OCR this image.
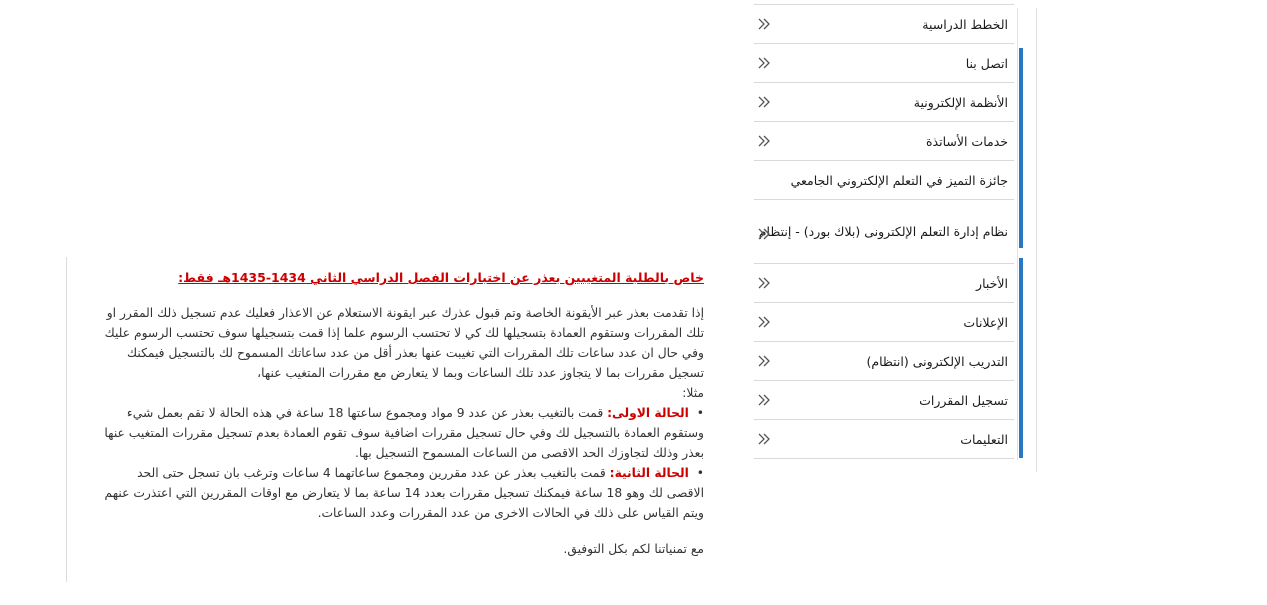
الخطط الدراسية
اتصل بنا
الأنظمة الإلكترونية
خدمات الأساتذة
جائزة التميز في التعلم الإلكتروني الجامعي
نظام إدارة التعلم الإلكترونى (بلاك بورد) - إنتظام
الأخبار
الإعلانات
التدريب الإلكترونى (انتظام)
تسجيل المقررات
التعليمات

خاص بالطلبة المتغيبين بعذر عن اختبارات الفصل الدراسي الثاني 1434-1435هـ فقط:

إذا تقدمت بعذر عبر الأيقونة الخاصة وتم قبول عذرك عبر ايقونة الاستعلام عن الاعذار فعليك عدم تسجيل ذلك المقرر او تلك المقررات وستقوم العمادة بتسجيلها لك كي لا تحتسب الرسوم علما إذا قمت بتسجيلها سوف تحتسب الرسوم عليك وفي حال ان عدد ساعات تلك المقررات التي تغيبت عنها بعذر أقل من عدد ساعاتك المسموح لك بالتسجيل فيمكنك تسجيل مقررات بما لا يتجاوز عدد تلك الساعات وبما لا يتعارض مع مقررات المتغيب عنها،
مثلا:

• الحالة الاولى: قمت بالتغيب بعذر عن عدد 9 مواد ومجموع ساعتها 18 ساعة في هذه الحالة لا تقم بعمل شيء وستقوم العمادة بالتسجيل لك وفي حال تسجيل مقررات اضافية سوف تقوم العمادة بعدم تسجيل مقررات المتغيب عنها بعذر وذلك لتجاوزك الحد الاقصى من الساعات المسموح التسجيل بها.
• الحالة الثانية: قمت بالتغيب بعذر عن عدد مقررين ومجموع ساعاتهما 4 ساعات وترغب بان تسجل حتى الحد الاقصى لك وهو 18 ساعة فيمكنك تسجيل مقررات بعدد 14 ساعة بما لا يتعارض مع اوقات المقررين التي اعتذرت عنهم ويتم القياس على ذلك في الحالات الاخرى من عدد المقررات وعدد الساعات.

مع تمنياتنا لكم بكل التوفيق.
